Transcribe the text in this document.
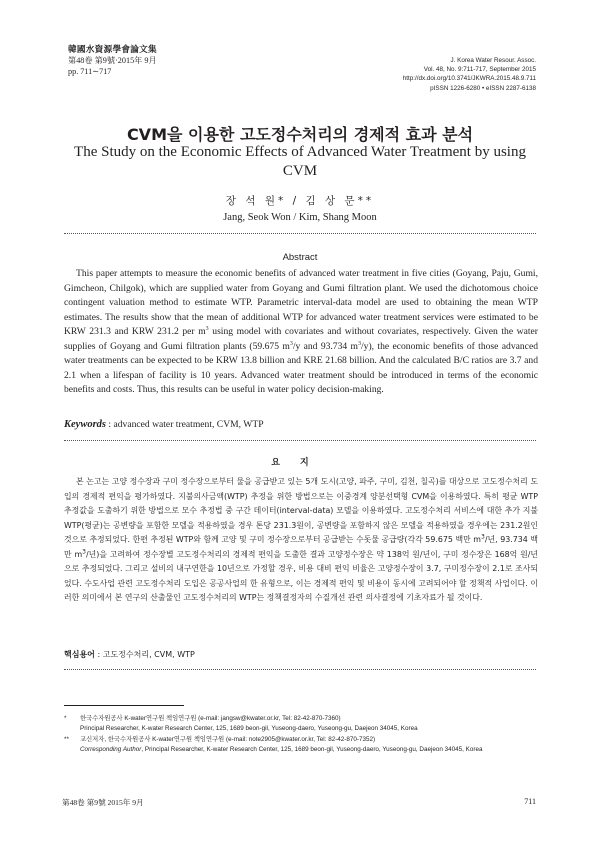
韓國水資源學會論文集
第48卷 第9號·2015年 9月
pp. 711∼717
J. Korea Water Resour. Assoc.
Vol. 48, No. 9:711-717, September 2015
http://dx.doi.org/10.3741/JKWRA.2015.48.9.711
pISSN 1226-6280 • eISSN 2287-6138
CVM을 이용한 고도정수처리의 경제적 효과 분석
The Study on the Economic Effects of Advanced Water Treatment by using CVM
장 석 원* / 김 상 문**
Jang, Seok Won / Kim, Shang Moon
Abstract

This paper attempts to measure the economic benefits of advanced water treatment in five cities (Goyang, Paju, Gumi, Gimcheon, Chilgok), which are supplied water from Goyang and Gumi filtration plant. We used the dichotomous choice contingent valuation method to estimate WTP. Parametric interval-data model are used to obtaining the mean WTP estimates. The results show that the mean of additional WTP for advanced water treatment services were estimated to be KRW 231.3 and KRW 231.2 per $m^3$ using model with covariates and without covariates, respectively. Given the water supplies of Goyang and Gumi filtration plants (59.675 $m^3/y$ and 93.734 $m^3/y$), the economic benefits of those advanced water treatments can be expected to be KRW 13.8 billion and KRE 21.68 billion. And the calculated B/C ratios are 3.7 and 2.1 when a lifespan of facility is 10 years. Advanced water treatment should be introduced in terms of the economic benefits and costs. Thus, this results can be useful in water policy decision-making.

Keywords : advanced water treatment, CVM, WTP
요지

본 논고는 고양 정수장과 구미 정수장으로부터 물을 공급받고 있는 5개 도시(고양, 파주, 구미, 김천, 칠곡)를 대상으로 고도정수처리 도입의 경제적 편익을 평가하였다. 지불의사금액(WTP) 추정을 위한 방법으로는 이중경계 양분선택형 CVM을 이용하였다. 특히 평균 WTP 추정값을 도출하기 위한 방법으로 모수 추정법 중 구간 데이터(interval-data) 모델을 이용하였다. 고도정수처리 서비스에 대한 추가 지불 WTP(평균)는 공변량을 포함한 모델을 적용하였을 경우 톤당 231.3원이, 공변량을 포함하지 않은 모델을 적용하였을 경우에는 231.2원인 것으로 추정되었다. 한편 추정된 WTP와 함께 고양 및 구미 정수장으로부터 공급받는 수돗물 공급량(각각 59.675 백만 $m^3/$년, 93.734 백만 $m^3/$년)을 고려하여 정수장별 고도정수처리의 경제적 편익을 도출한 결과 고양정수장은 약 138억 원/년이, 구미 정수장은 168억 원/년으로 추정되었다. 그리고 설비의 내구연한을 10년으로 가정할 경우, 비용 대비 편익 비율은 고양정수장이 3.7, 구미정수장이 2.1로 조사되었다. 수도사업 관련 고도정수처리 도입은 공공사업의 한 유형으로, 이는 경제적 편익 및 비용이 동시에 고려되어야 할 정책적 사업이다. 이러한 의미에서 본 연구의 산출물인 고도정수처리의 WTP는 정책결정자의 수질개선 관련 의사결정에 기초자료가 될 것이다.

핵심용어 : 고도정수처리, CVM, WTP
* 한국수자원공사 K-water연구원 책임연구원 (e-mail: jangsw@kwater.or.kr, Tel: 82-42-870-7360)
Principal Researcher, K-water Research Center, 125, 1689 beon-gil, Yuseong-daero, Yuseong-gu, Daejeon 34045, Korea
** 교신저자, 한국수자원공사 K-water연구원 책임연구원 (e-mail: note2905@kwater.or.kr, Tel: 82-42-870-7352)
Corresponding Author, Principal Researcher, K-water Research Center, 125, 1689 beon-gil, Yuseong-daero, Yuseong-gu, Daejeon 34045, Korea
第48卷 第9號 2015年 9月	711
